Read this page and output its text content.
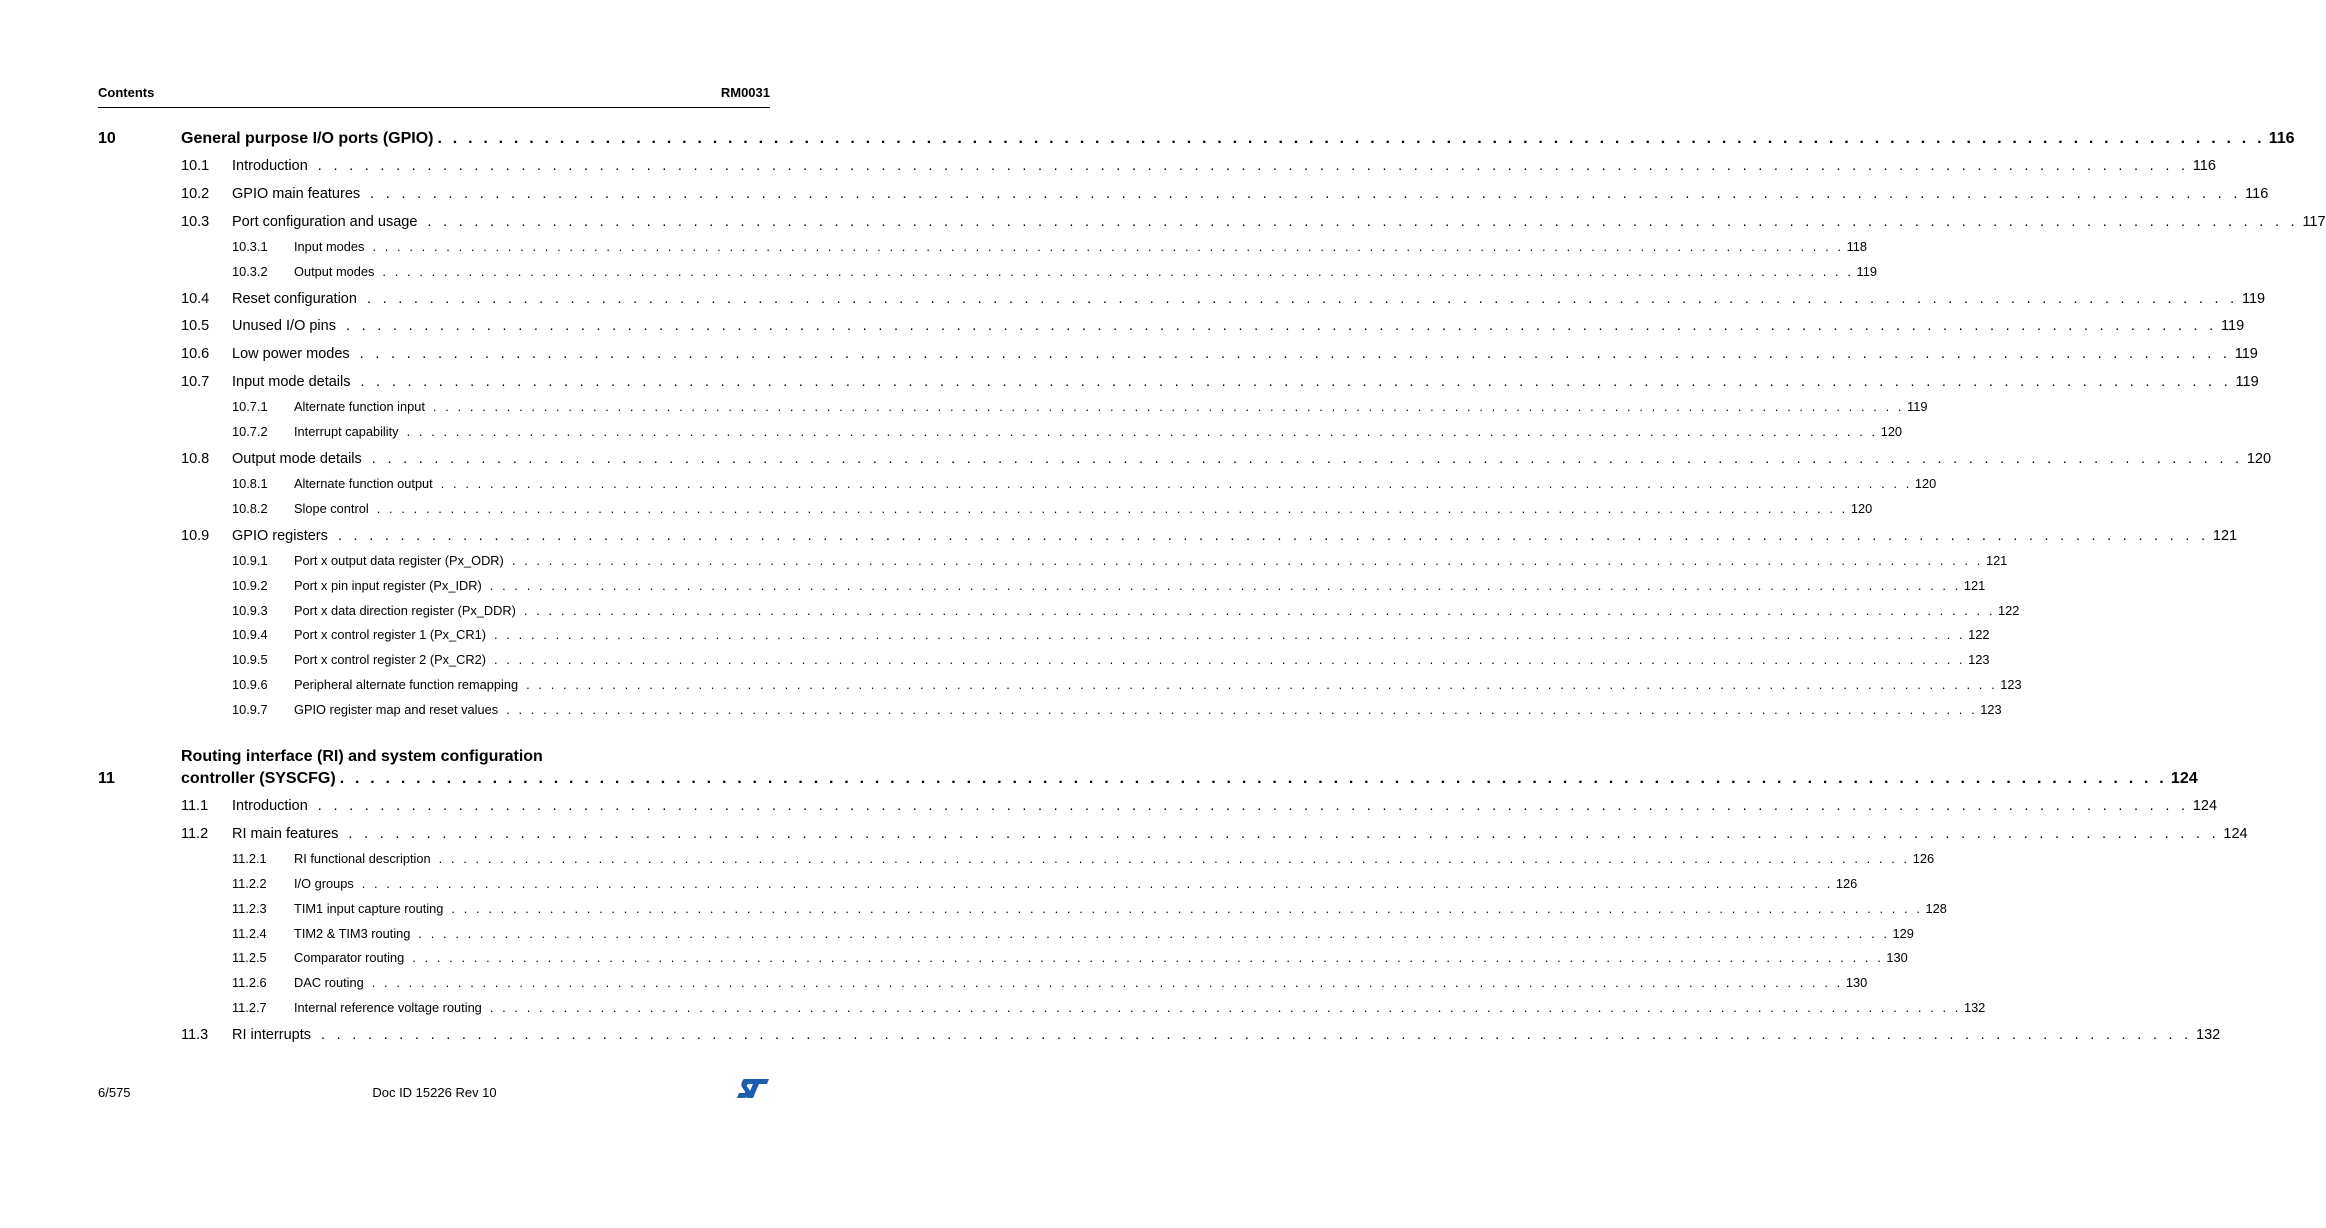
Contents	RM0031
10	General purpose I/O ports (GPIO) . . . . . . . . . . . . . . . . . . . . . . . . . . . . . . . . . . . . . . . . . . . . . . . . . . . . . . . . . . . . . . . . . . . . . . . . . . . . . . . . . . . . . . . . . . . . . . . . . . . . . . . . . . . . . . . . . . . . . . . . 116
10.1 Introduction . . . . . . . . . . . . . . . . . . . . . . . . . . . . . . . . . . . . . . . . . . . . . . . . . . . . . . . . . . . . . . . . . . . . . . . . . . . . . . . . . . . . . . . . . . . . . . . . . . . . . . . . . . . . . . . . . . . . . . . . 116
10.2 GPIO main features . . . . . . . . . . . . . . . . . . . . . . . . . . . . . . . . . . . . . . . . . . . . . . . . . . . . . . . . . . . . . . . . . . . . . . . . . . . . . . . . . . . . . . . . . . . . . . . . . . . . . . . . . . . . . . . . . . . . . . . . 116
10.3 Port configuration and usage . . . . . . . . . . . . . . . . . . . . . . . . . . . . . . . . . . . . . . . . . . . . . . . . . . . . . . . . . . . . . . . . . . . . . . . . . . . . . . . . . . . . . . . . . . . . . . . . . . . . . . . . . . . . . . . . . . . . . . . . 117
10.3.1 Input modes . . . . . . . . . . . . . . . . . . . . . . . . . . . . . . . . . . . . . . . . . . . . . . . . . . . . . . . . . . . . . . . . . . . . . . . . . . . . . . . . . . . . . . . . . . . . . . . . . . . . . . . . . . . . . . . . . . . . . . . . 118
10.3.2 Output modes . . . . . . . . . . . . . . . . . . . . . . . . . . . . . . . . . . . . . . . . . . . . . . . . . . . . . . . . . . . . . . . . . . . . . . . . . . . . . . . . . . . . . . . . . . . . . . . . . . . . . . . . . . . . . . . . . . . . . . . . 119
10.4 Reset configuration . . . . . . . . . . . . . . . . . . . . . . . . . . . . . . . . . . . . . . . . . . . . . . . . . . . . . . . . . . . . . . . . . . . . . . . . . . . . . . . . . . . . . . . . . . . . . . . . . . . . . . . . . . . . . . . . . . . . . . . . 119
10.5 Unused I/O pins . . . . . . . . . . . . . . . . . . . . . . . . . . . . . . . . . . . . . . . . . . . . . . . . . . . . . . . . . . . . . . . . . . . . . . . . . . . . . . . . . . . . . . . . . . . . . . . . . . . . . . . . . . . . . . . . . . . . . . . . 119
10.6 Low power modes . . . . . . . . . . . . . . . . . . . . . . . . . . . . . . . . . . . . . . . . . . . . . . . . . . . . . . . . . . . . . . . . . . . . . . . . . . . . . . . . . . . . . . . . . . . . . . . . . . . . . . . . . . . . . . . . . . . . . . . . 119
10.7 Input mode details . . . . . . . . . . . . . . . . . . . . . . . . . . . . . . . . . . . . . . . . . . . . . . . . . . . . . . . . . . . . . . . . . . . . . . . . . . . . . . . . . . . . . . . . . . . . . . . . . . . . . . . . . . . . . . . . . . . . . . . . 119
10.7.1 Alternate function input . . . . . . . . . . . . . . . . . . . . . . . . . . . . . . . . . . . . . . . . . . . . . . . . . . . . . . . . . . . . . . . . . . . . . . . . . . . . . . . . . . . . . . . . . . . . . . . . . . . . . . . . . . . . . . . . . . . . . . . . 119
10.7.2 Interrupt capability . . . . . . . . . . . . . . . . . . . . . . . . . . . . . . . . . . . . . . . . . . . . . . . . . . . . . . . . . . . . . . . . . . . . . . . . . . . . . . . . . . . . . . . . . . . . . . . . . . . . . . . . . . . . . . . . . . . . . . . . 120
10.8 Output mode details . . . . . . . . . . . . . . . . . . . . . . . . . . . . . . . . . . . . . . . . . . . . . . . . . . . . . . . . . . . . . . . . . . . . . . . . . . . . . . . . . . . . . . . . . . . . . . . . . . . . . . . . . . . . . . . . . . . . . . . . 120
10.8.1 Alternate function output . . . . . . . . . . . . . . . . . . . . . . . . . . . . . . . . . . . . . . . . . . . . . . . . . . . . . . . . . . . . . . . . . . . . . . . . . . . . . . . . . . . . . . . . . . . . . . . . . . . . . . . . . . . . . . . . . . . . . . . . 120
10.8.2 Slope control . . . . . . . . . . . . . . . . . . . . . . . . . . . . . . . . . . . . . . . . . . . . . . . . . . . . . . . . . . . . . . . . . . . . . . . . . . . . . . . . . . . . . . . . . . . . . . . . . . . . . . . . . . . . . . . . . . . . . . . . 120
10.9 GPIO registers . . . . . . . . . . . . . . . . . . . . . . . . . . . . . . . . . . . . . . . . . . . . . . . . . . . . . . . . . . . . . . . . . . . . . . . . . . . . . . . . . . . . . . . . . . . . . . . . . . . . . . . . . . . . . . . . . . . . . . . . 121
10.9.1 Port x output data register (Px_ODR) . . . . . . . . . . . . . . . . . . . . . . . . . . . . . . . . . . . . . . . . . . . . . . . . . . . . . . . . . . . . . . . . . . . . . . . . . . . . . . . . . . . . . . . . . . . . . . . . . . . . . . . . . . . . . . . . . . . . . . . . 121
10.9.2 Port x pin input register (Px_IDR) . . . . . . . . . . . . . . . . . . . . . . . . . . . . . . . . . . . . . . . . . . . . . . . . . . . . . . . . . . . . . . . . . . . . . . . . . . . . . . . . . . . . . . . . . . . . . . . . . . . . . . . . . . . . . . . . . . . . . . . . 121
10.9.3 Port x data direction register (Px_DDR) . . . . . . . . . . . . . . . . . . . . . . . . . . . . . . . . . . . . . . . . . . . . . . . . . . . . . . . . . . . . . . . . . . . . . . . . . . . . . . . . . . . . . . . . . . . . . . . . . . . . . . . . . . . . . . . . . . . . . . . . 122
10.9.4 Port x control register 1 (Px_CR1) . . . . . . . . . . . . . . . . . . . . . . . . . . . . . . . . . . . . . . . . . . . . . . . . . . . . . . . . . . . . . . . . . . . . . . . . . . . . . . . . . . . . . . . . . . . . . . . . . . . . . . . . . . . . . . . . . . . . . . . . 122
10.9.5 Port x control register 2 (Px_CR2) . . . . . . . . . . . . . . . . . . . . . . . . . . . . . . . . . . . . . . . . . . . . . . . . . . . . . . . . . . . . . . . . . . . . . . . . . . . . . . . . . . . . . . . . . . . . . . . . . . . . . . . . . . . . . . . . . . . . . . . . 123
10.9.6 Peripheral alternate function remapping . . . . . . . . . . . . . . . . . . . . . . . . . . . . . . . . . . . . . . . . . . . . . . . . . . . . . . . . . . . . . . . . . . . . . . . . . . . . . . . . . . . . . . . . . . . . . . . . . . . . . . . . . . . . . . . . . . . . . . . . 123
10.9.7 GPIO register map and reset values . . . . . . . . . . . . . . . . . . . . . . . . . . . . . . . . . . . . . . . . . . . . . . . . . . . . . . . . . . . . . . . . . . . . . . . . . . . . . . . . . . . . . . . . . . . . . . . . . . . . . . . . . . . . . . . . . . . . . . . . 123
Routing interface (RI) and system configuration
11	controller (SYSCFG) . . . . . . . . . . . . . . . . . . . . . . . . . . . . . . . . . . . . . . . . . . . . . . . . . . . . . . . . . . . . . . . . . . . . . . . . . . . . . . . . . . . . . . . . . . . . . . . . . . . . . . . . . . . . . . . . . . . . . . . . 124
11.1 Introduction . . . . . . . . . . . . . . . . . . . . . . . . . . . . . . . . . . . . . . . . . . . . . . . . . . . . . . . . . . . . . . . . . . . . . . . . . . . . . . . . . . . . . . . . . . . . . . . . . . . . . . . . . . . . . . . . . . . . . . . . 124
11.2 RI main features . . . . . . . . . . . . . . . . . . . . . . . . . . . . . . . . . . . . . . . . . . . . . . . . . . . . . . . . . . . . . . . . . . . . . . . . . . . . . . . . . . . . . . . . . . . . . . . . . . . . . . . . . . . . . . . . . . . . . . . . 124
11.2.1 RI functional description . . . . . . . . . . . . . . . . . . . . . . . . . . . . . . . . . . . . . . . . . . . . . . . . . . . . . . . . . . . . . . . . . . . . . . . . . . . . . . . . . . . . . . . . . . . . . . . . . . . . . . . . . . . . . . . . . . . . . . . . 126
11.2.2 I/O groups . . . . . . . . . . . . . . . . . . . . . . . . . . . . . . . . . . . . . . . . . . . . . . . . . . . . . . . . . . . . . . . . . . . . . . . . . . . . . . . . . . . . . . . . . . . . . . . . . . . . . . . . . . . . . . . . . . . . . . . . 126
11.2.3 TIM1 input capture routing . . . . . . . . . . . . . . . . . . . . . . . . . . . . . . . . . . . . . . . . . . . . . . . . . . . . . . . . . . . . . . . . . . . . . . . . . . . . . . . . . . . . . . . . . . . . . . . . . . . . . . . . . . . . . . . . . . . . . . . . 128
11.2.4 TIM2 & TIM3 routing . . . . . . . . . . . . . . . . . . . . . . . . . . . . . . . . . . . . . . . . . . . . . . . . . . . . . . . . . . . . . . . . . . . . . . . . . . . . . . . . . . . . . . . . . . . . . . . . . . . . . . . . . . . . . . . . . . . . . . . . 129
11.2.5 Comparator routing . . . . . . . . . . . . . . . . . . . . . . . . . . . . . . . . . . . . . . . . . . . . . . . . . . . . . . . . . . . . . . . . . . . . . . . . . . . . . . . . . . . . . . . . . . . . . . . . . . . . . . . . . . . . . . . . . . . . . . . . 130
11.2.6 DAC routing . . . . . . . . . . . . . . . . . . . . . . . . . . . . . . . . . . . . . . . . . . . . . . . . . . . . . . . . . . . . . . . . . . . . . . . . . . . . . . . . . . . . . . . . . . . . . . . . . . . . . . . . . . . . . . . . . . . . . . . . 130
11.2.7 Internal reference voltage routing . . . . . . . . . . . . . . . . . . . . . . . . . . . . . . . . . . . . . . . . . . . . . . . . . . . . . . . . . . . . . . . . . . . . . . . . . . . . . . . . . . . . . . . . . . . . . . . . . . . . . . . . . . . . . . . . . . . . . . . . 132
11.3 RI interrupts . . . . . . . . . . . . . . . . . . . . . . . . . . . . . . . . . . . . . . . . . . . . . . . . . . . . . . . . . . . . . . . . . . . . . . . . . . . . . . . . . . . . . . . . . . . . . . . . . . . . . . . . . . . . . . . . . . . . . . . . 132
6/575	Doc ID 15226 Rev 10
